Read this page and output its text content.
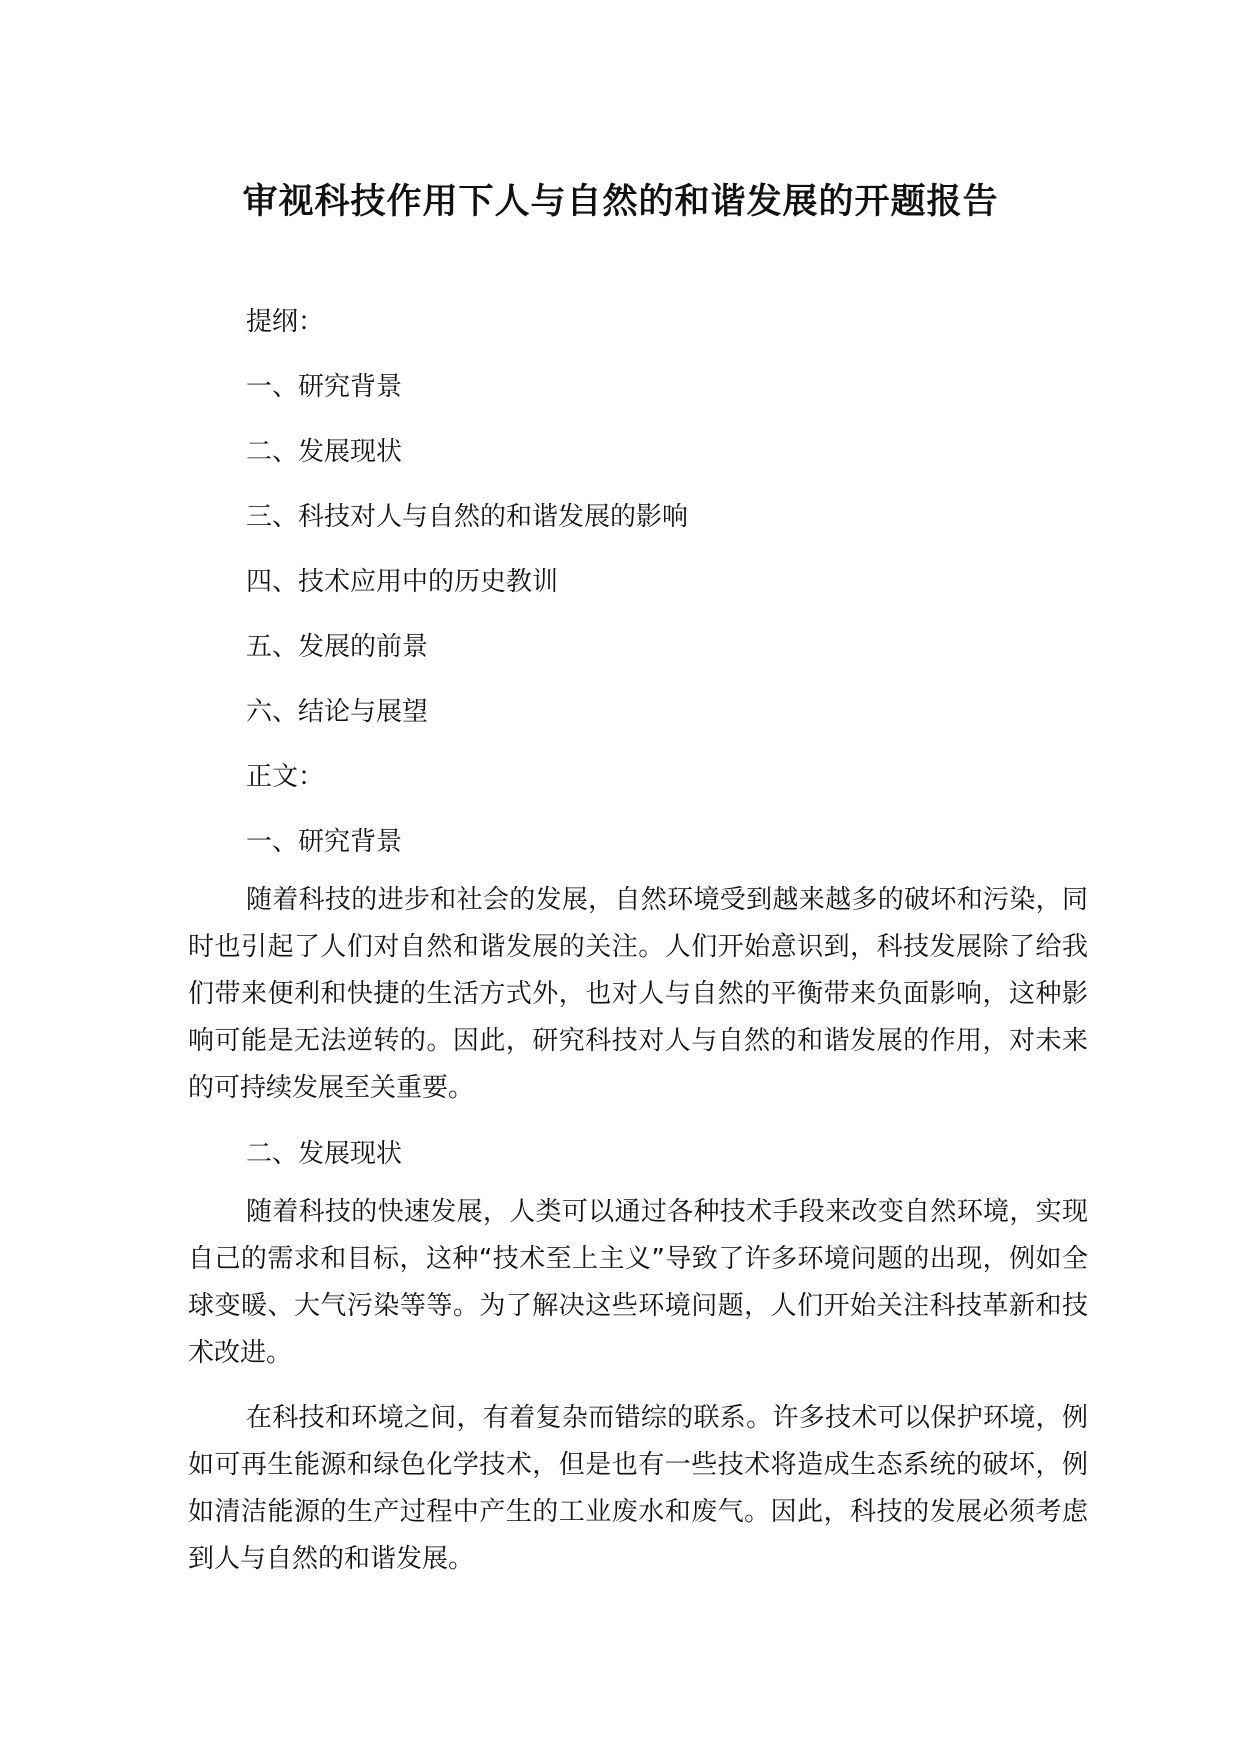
审视科技作用下人与自然的和谐发展的开题报告

提纲：

一、研究背景

二、发展现状

三、科技对人与自然的和谐发展的影响

四、技术应用中的历史教训

五、发展的前景

六、结论与展望

正文：

一、研究背景

随着科技的进步和社会的发展，自然环境受到越来越多的破坏和污染，同时也引起了人们对自然和谐发展的关注。人们开始意识到，科技发展除了给我们带来便利和快捷的生活方式外，也对人与自然的平衡带来负面影响，这种影响可能是无法逆转的。因此，研究科技对人与自然的和谐发展的作用，对未来的可持续发展至关重要。

二、发展现状

随着科技的快速发展，人类可以通过各种技术手段来改变自然环境，实现自己的需求和目标，这种“技术至上主义”导致了许多环境问题的出现，例如全球变暖、大气污染等等。为了解决这些环境问题，人们开始关注科技革新和技术改进。

在科技和环境之间，有着复杂而错综的联系。许多技术可以保护环境，例如可再生能源和绿色化学技术，但是也有一些技术将造成生态系统的破坏，例如清洁能源的生产过程中产生的工业废水和废气。因此，科技的发展必须考虑到人与自然的和谐发展。
